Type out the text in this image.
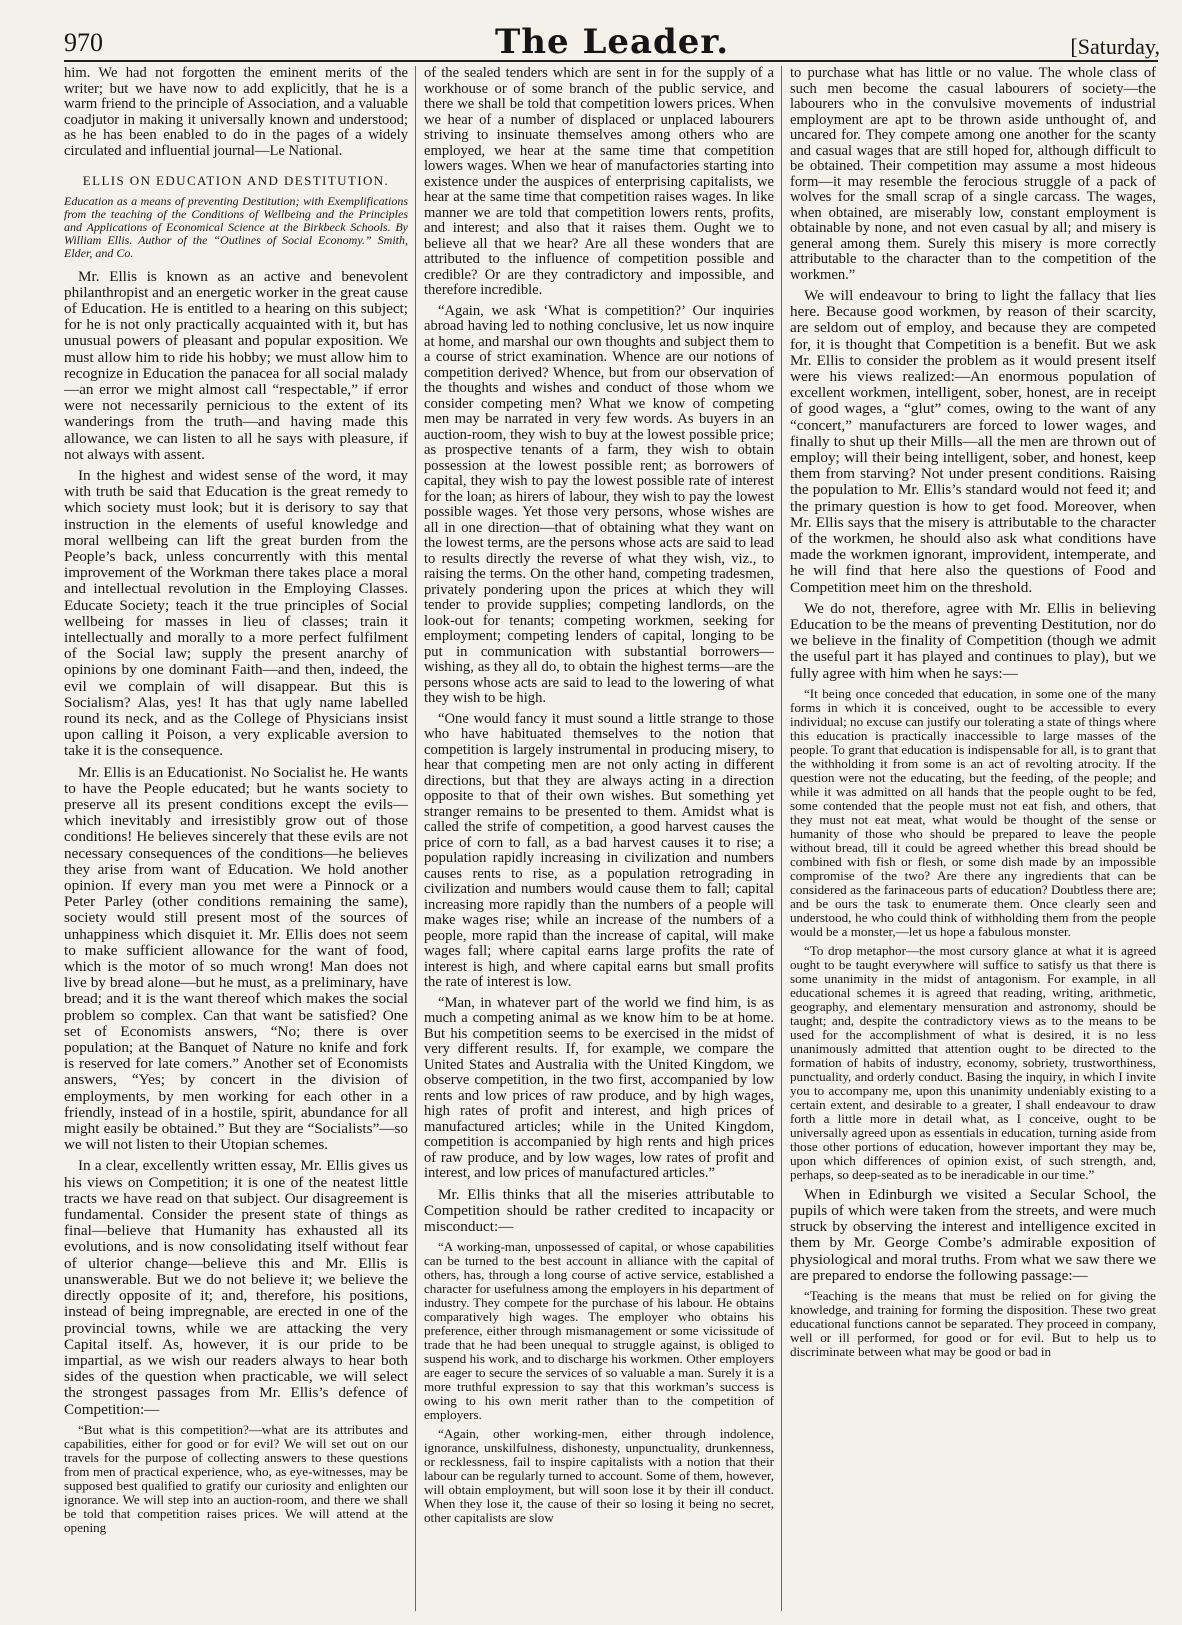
970	The Leader.	[Saturday,

him. We had not forgotten the eminent merits of the writer; but we have now to add explicitly, that he is a warm friend to the principle of Association, and a valuable coadjutor in making it universally known and understood; as he has been enabled to do in the pages of a widely circulated and influential journal—Le National.

ELLIS ON EDUCATION AND DESTITUTION.

Education as a means of preventing Destitution; with Exemplifications from the teaching of the Conditions of Wellbeing and the Principles and Applications of Economical Science at the Birkbeck Schools. By William Ellis. Author of the “Outlines of Social Economy.” Smith, Elder, and Co.

Mr. Ellis is known as an active and benevolent philanthropist and an energetic worker in the great cause of Education. He is entitled to a hearing on this subject; for he is not only practically acquainted with it, but has unusual powers of pleasant and popular exposition. We must allow him to ride his hobby; we must allow him to recognize in Education the panacea for all social malady—an error we might almost call “respectable,” if error were not necessarily pernicious to the extent of its wanderings from the truth—and having made this allowance, we can listen to all he says with pleasure, if not always with assent.

In the highest and widest sense of the word, it may with truth be said that Education is the great remedy to which society must look; but it is derisory to say that instruction in the elements of useful knowledge and moral wellbeing can lift the great burden from the People’s back, unless concurrently with this mental improvement of the Workman there takes place a moral and intellectual revolution in the Employing Classes. Educate Society; teach it the true principles of Social wellbeing for masses in lieu of classes; train it intellectually and morally to a more perfect fulfilment of the Social law; supply the present anarchy of opinions by one dominant Faith—and then, indeed, the evil we complain of will disappear. But this is Socialism? Alas, yes! It has that ugly name labelled round its neck, and as the College of Physicians insist upon calling it Poison, a very explicable aversion to take it is the consequence.

Mr. Ellis is an Educationist. No Socialist he. He wants to have the People educated; but he wants society to preserve all its present conditions except the evils—which inevitably and irresistibly grow out of those conditions! He believes sincerely that these evils are not necessary consequences of the conditions—he believes they arise from want of Education. We hold another opinion. If every man you met were a Pinnock or a Peter Parley (other conditions remaining the same), society would still present most of the sources of unhappiness which disquiet it. Mr. Ellis does not seem to make sufficient allowance for the want of food, which is the motor of so much wrong! Man does not live by bread alone—but he must, as a preliminary, have bread; and it is the want thereof which makes the social problem so complex. Can that want be satisfied? One set of Economists answers, “No; there is over population; at the Banquet of Nature no knife and fork is reserved for late comers.” Another set of Economists answers, “Yes; by concert in the division of employments, by men working for each other in a friendly, instead of in a hostile, spirit, abundance for all might easily be obtained.” But they are “Socialists”—so we will not listen to their Utopian schemes.

In a clear, excellently written essay, Mr. Ellis gives us his views on Competition; it is one of the neatest little tracts we have read on that subject. Our disagreement is fundamental. Consider the present state of things as final—believe that Humanity has exhausted all its evolutions, and is now consolidating itself without fear of ulterior change—believe this and Mr. Ellis is unanswerable. But we do not believe it; we believe the directly opposite of it; and, therefore, his positions, instead of being impregnable, are erected in one of the provincial towns, while we are attacking the very Capital itself. As, however, it is our pride to be impartial, as we wish our readers always to hear both sides of the question when practicable, we will select the strongest passages from Mr. Ellis’s defence of Competition:—

“But what is this competition?—what are its attributes and capabilities, either for good or for evil? We will set out on our travels for the purpose of collecting answers to these questions from men of practical experience, who, as eye-witnesses, may be supposed best qualified to gratify our curiosity and enlighten our ignorance. We will step into an auction-room, and there we shall be told that competition raises prices. We will attend at the opening

of the sealed tenders which are sent in for the supply of a workhouse or of some branch of the public service, and there we shall be told that competition lowers prices. When we hear of a number of displaced or unplaced labourers striving to insinuate themselves among others who are employed, we hear at the same time that competition lowers wages. When we hear of manufactories starting into existence under the auspices of enterprising capitalists, we hear at the same time that competition raises wages. In like manner we are told that competition lowers rents, profits, and interest; and also that it raises them. Ought we to believe all that we hear? Are all these wonders that are attributed to the influence of competition possible and credible? Or are they contradictory and impossible, and therefore incredible.

“Again, we ask ‘What is competition?’ Our inquiries abroad having led to nothing conclusive, let us now inquire at home, and marshal our own thoughts and subject them to a course of strict examination. Whence are our notions of competition derived? Whence, but from our observation of the thoughts and wishes and conduct of those whom we consider competing men? What we know of competing men may be narrated in very few words. As buyers in an auction-room, they wish to buy at the lowest possible price; as prospective tenants of a farm, they wish to obtain possession at the lowest possible rent; as borrowers of capital, they wish to pay the lowest possible rate of interest for the loan; as hirers of labour, they wish to pay the lowest possible wages. Yet those very persons, whose wishes are all in one direction—that of obtaining what they want on the lowest terms, are the persons whose acts are said to lead to results directly the reverse of what they wish, viz., to raising the terms. On the other hand, competing tradesmen, privately pondering upon the prices at which they will tender to provide supplies; competing landlords, on the look-out for tenants; competing workmen, seeking for employment; competing lenders of capital, longing to be put in communication with substantial borrowers—wishing, as they all do, to obtain the highest terms—are the persons whose acts are said to lead to the lowering of what they wish to be high.

“One would fancy it must sound a little strange to those who have habituated themselves to the notion that competition is largely instrumental in producing misery, to hear that competing men are not only acting in different directions, but that they are always acting in a direction opposite to that of their own wishes. But something yet stranger remains to be presented to them. Amidst what is called the strife of competition, a good harvest causes the price of corn to fall, as a bad harvest causes it to rise; a population rapidly increasing in civilization and numbers causes rents to rise, as a population retrograding in civilization and numbers would cause them to fall; capital increasing more rapidly than the numbers of a people will make wages rise; while an increase of the numbers of a people, more rapid than the increase of capital, will make wages fall; where capital earns large profits the rate of interest is high, and where capital earns but small profits the rate of interest is low.

“Man, in whatever part of the world we find him, is as much a competing animal as we know him to be at home. But his competition seems to be exercised in the midst of very different results. If, for example, we compare the United States and Australia with the United Kingdom, we observe competition, in the two first, accompanied by low rents and low prices of raw produce, and by high wages, high rates of profit and interest, and high prices of manufactured articles; while in the United Kingdom, competition is accompanied by high rents and high prices of raw produce, and by low wages, low rates of profit and interest, and low prices of manufactured articles.”

Mr. Ellis thinks that all the miseries attributable to Competition should be rather credited to incapacity or misconduct:—

“A working-man, unpossessed of capital, or whose capabilities can be turned to the best account in alliance with the capital of others, has, through a long course of active service, established a character for usefulness among the employers in his department of industry. They compete for the purchase of his labour. He obtains comparatively high wages. The employer who obtains his preference, either through mismanagement or some vicissitude of trade that he had been unequal to struggle against, is obliged to suspend his work, and to discharge his workmen. Other employers are eager to secure the services of so valuable a man. Surely it is a more truthful expression to say that this workman’s success is owing to his own merit rather than to the competition of employers.

“Again, other working-men, either through indolence, ignorance, unskilfulness, dishonesty, unpunctuality, drunkenness, or recklessness, fail to inspire capitalists with a notion that their labour can be regularly turned to account. Some of them, however, will obtain employment, but will soon lose it by their ill conduct. When they lose it, the cause of their so losing it being no secret, other capitalists are slow

to purchase what has little or no value. The whole class of such men become the casual labourers of society—the labourers who in the convulsive movements of industrial employment are apt to be thrown aside unthought of, and uncared for. They compete among one another for the scanty and casual wages that are still hoped for, although difficult to be obtained. Their competition may assume a most hideous form—it may resemble the ferocious struggle of a pack of wolves for the small scrap of a single carcass. The wages, when obtained, are miserably low, constant employment is obtainable by none, and not even casual by all; and misery is general among them. Surely this misery is more correctly attributable to the character than to the competition of the workmen.”

We will endeavour to bring to light the fallacy that lies here. Because good workmen, by reason of their scarcity, are seldom out of employ, and because they are competed for, it is thought that Competition is a benefit. But we ask Mr. Ellis to consider the problem as it would present itself were his views realized:—An enormous population of excellent workmen, intelligent, sober, honest, are in receipt of good wages, a “glut” comes, owing to the want of any “concert,” manufacturers are forced to lower wages, and finally to shut up their Mills—all the men are thrown out of employ; will their being intelligent, sober, and honest, keep them from starving? Not under present conditions. Raising the population to Mr. Ellis’s standard would not feed it; and the primary question is how to get food. Moreover, when Mr. Ellis says that the misery is attributable to the character of the workmen, he should also ask what conditions have made the workmen ignorant, improvident, intemperate, and he will find that here also the questions of Food and Competition meet him on the threshold.

We do not, therefore, agree with Mr. Ellis in believing Education to be the means of preventing Destitution, nor do we believe in the finality of Competition (though we admit the useful part it has played and continues to play), but we fully agree with him when he says:—

“It being once conceded that education, in some one of the many forms in which it is conceived, ought to be accessible to every individual; no excuse can justify our tolerating a state of things where this education is practically inaccessible to large masses of the people. To grant that education is indispensable for all, is to grant that the withholding it from some is an act of revolting atrocity. If the question were not the educating, but the feeding, of the people; and while it was admitted on all hands that the people ought to be fed, some contended that the people must not eat fish, and others, that they must not eat meat, what would be thought of the sense or humanity of those who should be prepared to leave the people without bread, till it could be agreed whether this bread should be combined with fish or flesh, or some dish made by an impossible compromise of the two? Are there any ingredients that can be considered as the farinaceous parts of education? Doubtless there are; and be ours the task to enumerate them. Once clearly seen and understood, he who could think of withholding them from the people would be a monster,—let us hope a fabulous monster.

“To drop metaphor—the most cursory glance at what it is agreed ought to be taught everywhere will suffice to satisfy us that there is some unanimity in the midst of antagonism. For example, in all educational schemes it is agreed that reading, writing, arithmetic, geography, and elementary mensuration and astronomy, should be taught; and, despite the contradictory views as to the means to be used for the accomplishment of what is desired, it is no less unanimously admitted that attention ought to be directed to the formation of habits of industry, economy, sobriety, trustworthiness, punctuality, and orderly conduct. Basing the inquiry, in which I invite you to accompany me, upon this unanimity undeniably existing to a certain extent, and desirable to a greater, I shall endeavour to draw forth a little more in detail what, as I conceive, ought to be universally agreed upon as essentials in education, turning aside from those other portions of education, however important they may be, upon which differences of opinion exist, of such strength, and, perhaps, so deep-seated as to be ineradicable in our time.”

When in Edinburgh we visited a Secular School, the pupils of which were taken from the streets, and were much struck by observing the interest and intelligence excited in them by Mr. George Combe’s admirable exposition of physiological and moral truths. From what we saw there we are prepared to endorse the following passage:—

“Teaching is the means that must be relied on for giving the knowledge, and training for forming the disposition. These two great educational functions cannot be separated. They proceed in company, well or ill performed, for good or for evil. But to help us to discriminate between what may be good or bad in
